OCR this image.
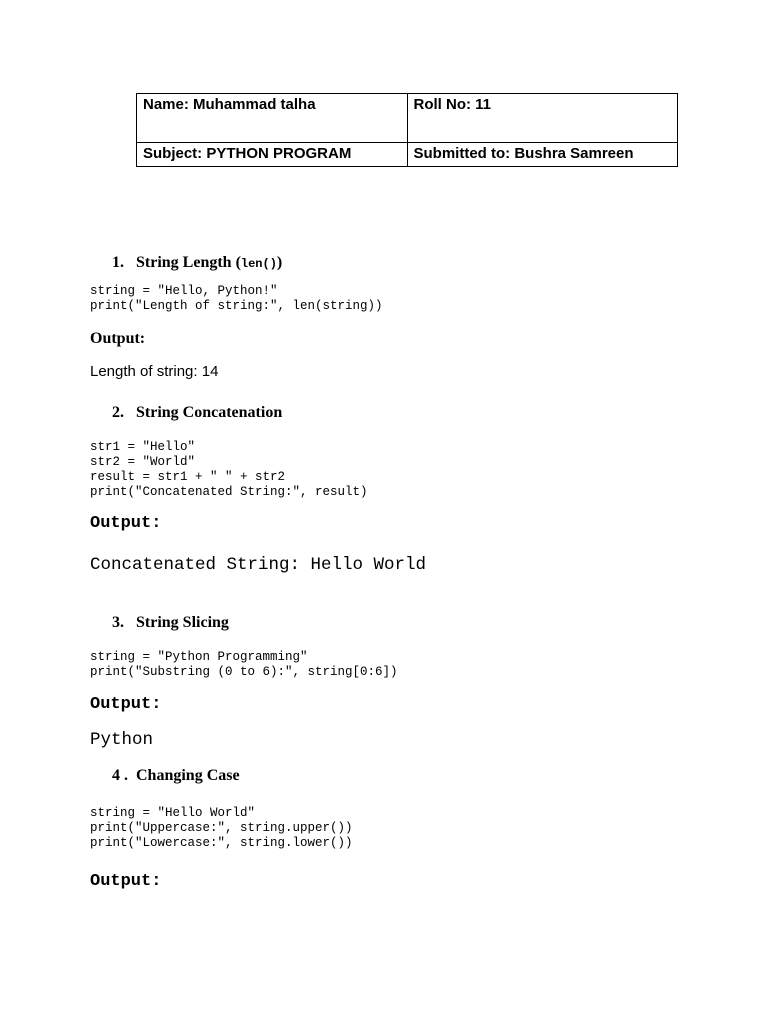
Name: Muhammad talha	Roll No: 11
Subject: PYTHON PROGRAM	Submitted to: Bushra Samreen

1. String Length (len())

string = "Hello, Python!"
print("Length of string:", len(string))

Output:

Length of string: 14

2. String Concatenation

str1 = "Hello"
str2 = "World"
result = str1 + " " + str2
print("Concatenated String:", result)

Output:

Concatenated String: Hello World

3. String Slicing

string = "Python Programming"
print("Substring (0 to 6):", string[0:6])

Output:

Python

4 . Changing Case

string = "Hello World"
print("Uppercase:", string.upper())
print("Lowercase:", string.lower())

Output:
